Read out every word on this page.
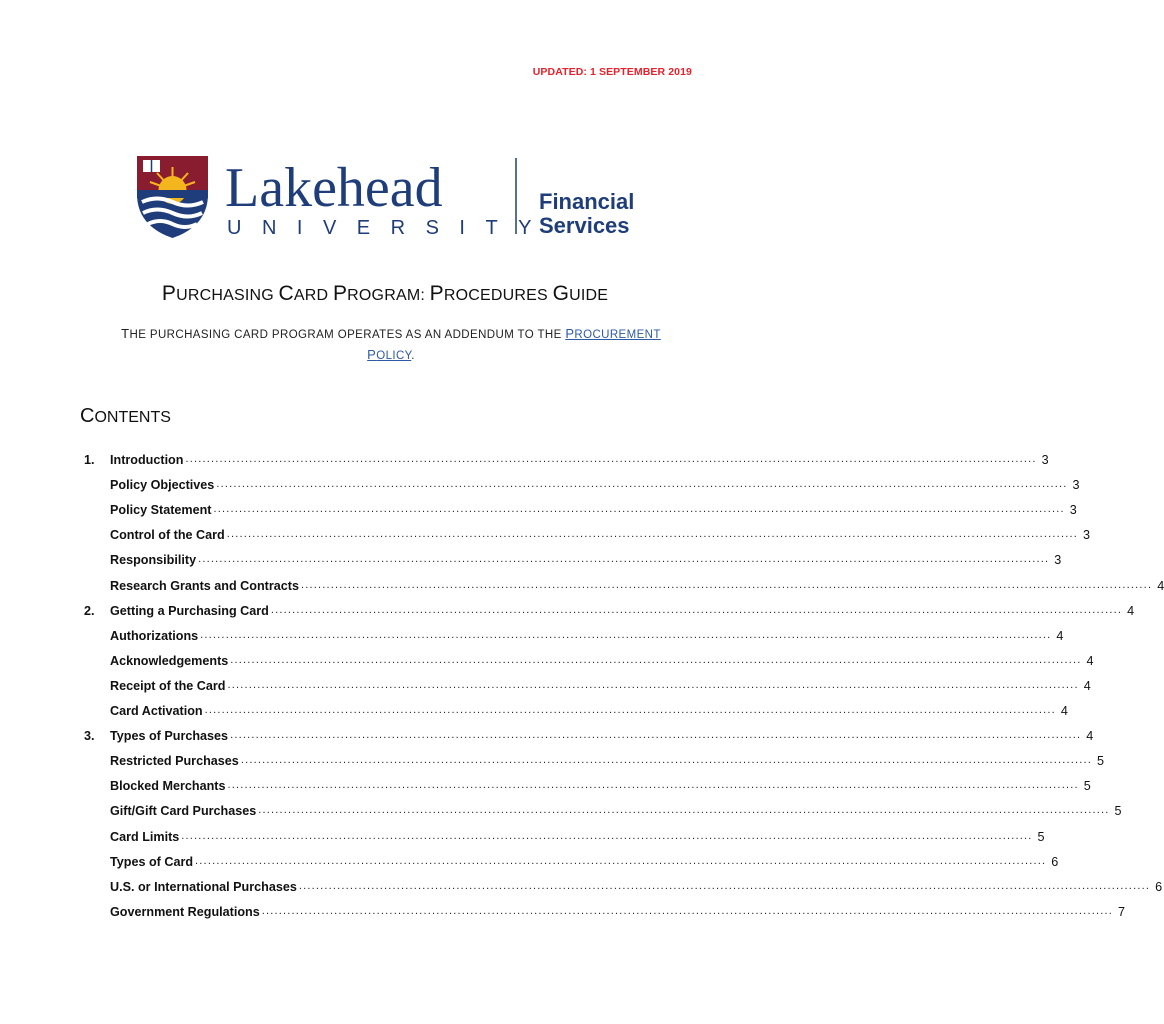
UPDATED: 1 SEPTEMBER 2019
Lakehead
UNIVERSITY
Financial
Services
PURCHASING CARD PROGRAM: PROCEDURES GUIDE
THE PURCHASING CARD PROGRAM OPERATES AS AN ADDENDUM TO THE PROCUREMENT
POLICY.
CONTENTS
1.	Introduction ........................................................................................................................................................................................................ 3
Policy Objectives ........................................................................................................................................................................................................ 3
Policy Statement ........................................................................................................................................................................................................ 3
Control of the Card ........................................................................................................................................................................................................ 3
Responsibility ........................................................................................................................................................................................................ 3
Research Grants and Contracts ........................................................................................................................................................................................................ 4
2.	Getting a Purchasing Card ........................................................................................................................................................................................................ 4
Authorizations ........................................................................................................................................................................................................ 4
Acknowledgements ........................................................................................................................................................................................................ 4
Receipt of the Card ........................................................................................................................................................................................................ 4
Card Activation ........................................................................................................................................................................................................ 4
3.	Types of Purchases ........................................................................................................................................................................................................ 4
Restricted Purchases ........................................................................................................................................................................................................ 5
Blocked Merchants ........................................................................................................................................................................................................ 5
Gift/Gift Card Purchases ........................................................................................................................................................................................................ 5
Card Limits ........................................................................................................................................................................................................ 5
Types of Card ........................................................................................................................................................................................................ 6
U.S. or International Purchases ........................................................................................................................................................................................................ 6
Government Regulations ........................................................................................................................................................................................................ 7
